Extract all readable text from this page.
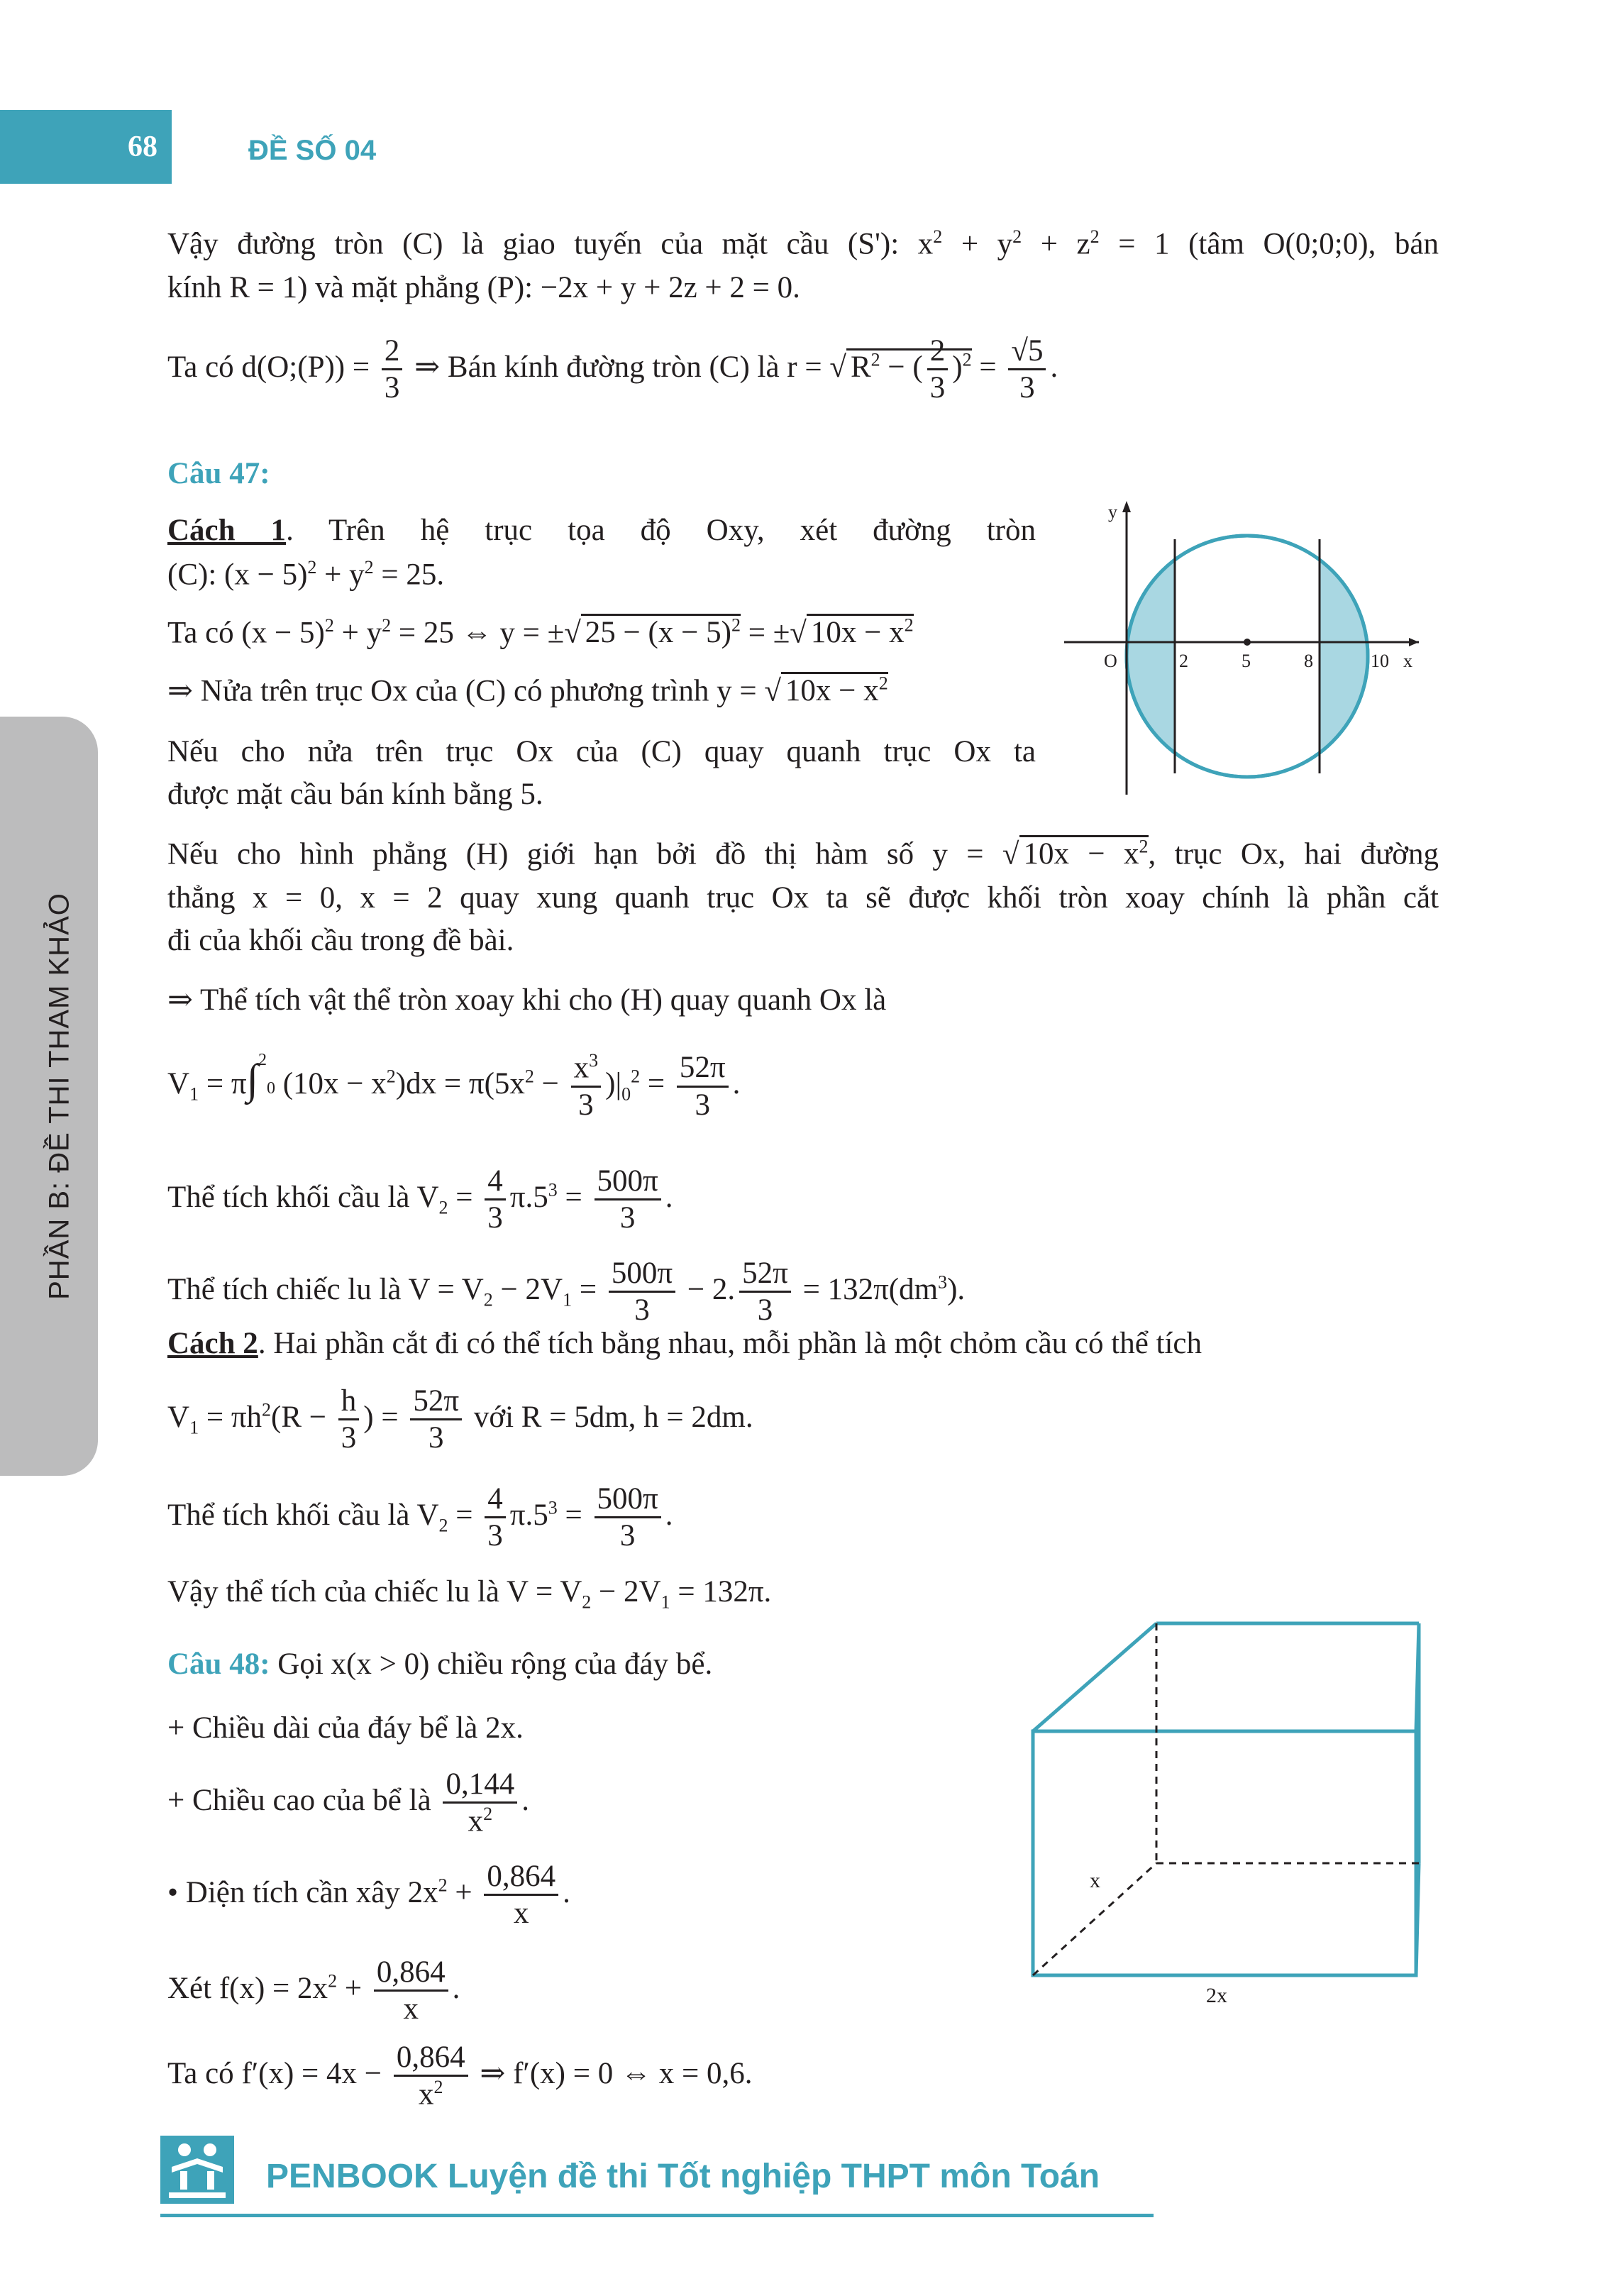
68	ĐỀ SỐ 04
PHẦN B: ĐỀ THI THAM KHẢO
Vậy đường tròn (C) là giao tuyến của mặt cầu (S'): $x^2 + y^2 + z^2 = 1$ (tâm O(0;0;0), bán
kính R = 1) và mặt phẳng (P): −2x + y + 2z + 2 = 0.
Ta có d(O;(P)) = $\frac{2}{3}$ ⇒ Bán kính đường tròn (C) là r = √ $R^2$ − ( $\frac{2}{3} )^2 = \frac{√5}{3}$ .
Câu 47:
Cách 1. Trên hệ trục tọa độ Oxy, xét đường tròn
(C): $(x - 5)^2 + y^2 = 25$.
Ta có $(x - 5)^2 + y^2 = 25$ ⇔ y = ±√ $25 - (x - 5)^2$ = ±√ $10x - x^2$
⇒ Nửa trên trục Ox của (C) có phương trình y = √ $10x - x^2$
Nếu cho nửa trên trục Ox của (C) quay quanh trục Ox ta
được mặt cầu bán kính bằng 5.
y
x
O	2	5	8	10
Nếu cho hình phẳng (H) giới hạn bởi đồ thị hàm số y = √ $10x - x^2$, trục Ox, hai đường
thẳng x = 0, x = 2 quay xung quanh trục Ox ta sẽ được khối tròn xoay chính là phần cắt
đi của khối cầu trong đề bài.
⇒ Thể tích vật thể tròn xoay khi cho (H) quay quanh Ox là
$V_1 = \pi\int^20$ $(10x - x^2)dx = \pi(5x^2 - \frac{x^3}{3} )|_0^2 = \frac{52\pi}{3}$ .
Thể tích khối cầu là $V_2 = \frac{4}{3} \pi.5^3 = \frac{500\pi}{3}$ .
Thể tích chiếc lu là $V = V_2 - 2V_1 = \frac{500\pi}{3} - 2$. $\frac{52\pi}{3} = 132\pi(dm^3)$.
Cách 2. Hai phần cắt đi có thể tích bằng nhau, mỗi phần là một chỏm cầu có thể tích
$V_1 = \pi h^2(R - \frac{h}{3}$ ) = $\frac{52\pi}{3}$ với R = 5dm, h = 2dm.
Thể tích khối cầu là $V_2 = \frac{4}{3} \pi.5^3 = \frac{500\pi}{3}$ .
Vậy thể tích của chiếc lu là $V = V_2 - 2V_1 = 132\pi$.
Câu 48: Gọi x(x > 0) chiều rộng của đáy bể.
+ Chiều dài của đáy bể là 2x.
+ Chiều cao của bể là $\frac{0,144}{x^2}$ .
• Diện tích cần xây $2x^2 + \frac{0,864}{x}$ .
Xét $f(x) = 2x^2 + \frac{0,864}{x}$ .
Ta có $f'(x) = 4x - \frac{0,864}{x^2}$ ⇒ f′(x) = 0 ⇔ x = 0,6.
x
2x
PENBOOK Luyện đề thi Tốt nghiệp THPT môn Toán
